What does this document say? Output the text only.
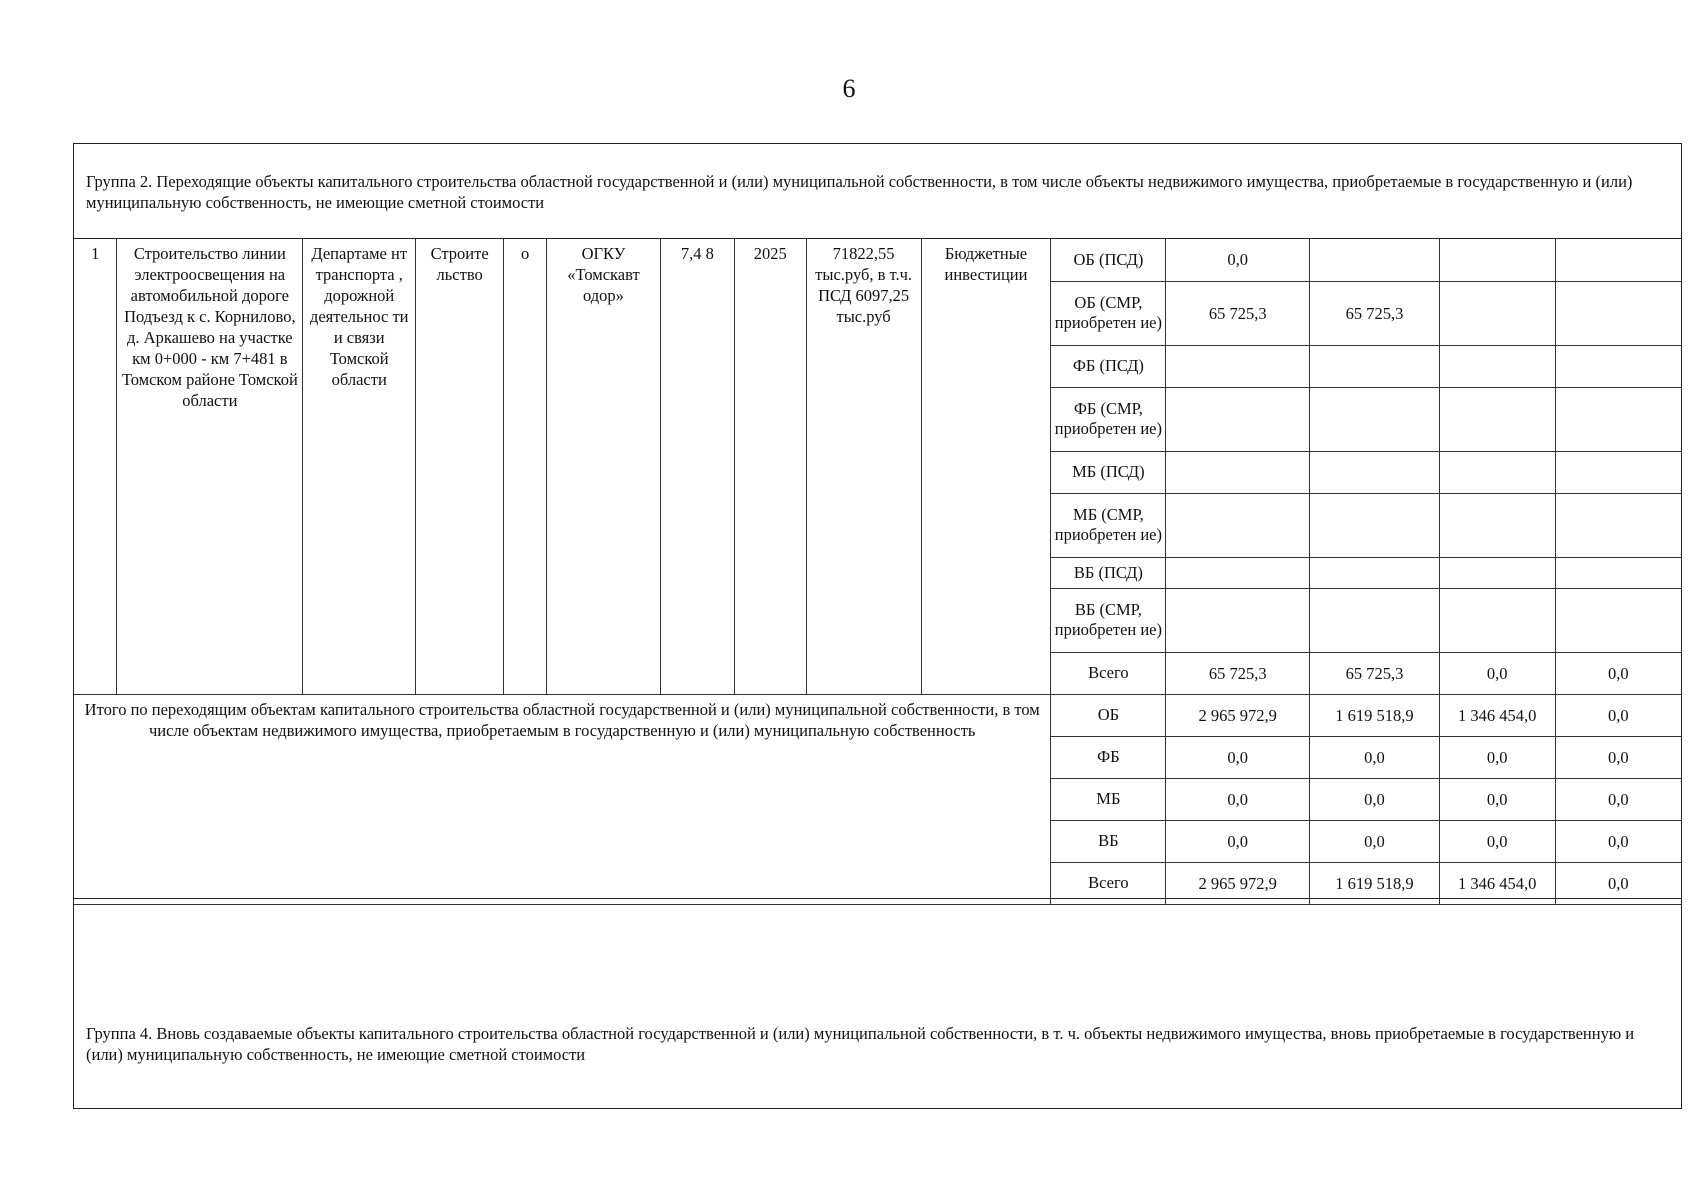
6
Группа 2. Переходящие объекты капитального строительства областной государственной и (или) муниципальной собственности, в том числе объекты недвижимого имущества, приобретаемые в государственную и (или) муниципальную собственность, не имеющие сметной стоимости
1	Строительство линии электроосвещения на автомобильной дороге Подъезд к с. Корнилово, д. Аркашево на участке км 0+000 - км 7+481 в Томском районе Томской области	Департаме нт транспорта , дорожной деятельнос ти и связи Томской области	Строите льство	о	ОГКУ «Томскавт одор»	7,4 8	2025	71822,55 тыс.руб, в т.ч. ПСД 6097,25 тыс.руб	Бюджетные инвестиции	ОБ (ПСД)	0,0			
										ОБ (СМР, приобретен ие)	65 725,3	65 725,3		
										ФБ (ПСД)				
										ФБ (СМР, приобретен ие)				
										МБ (ПСД)				
										МБ (СМР, приобретен ие)				
										ВБ (ПСД)				
										ВБ (СМР, приобретен ие)				
										Всего	65 725,3	65 725,3	0,0	0,0
Итого по переходящим объектам капитального строительства областной государственной и (или) муниципальной собственности, в том числе объектам недвижимого имущества, приобретаемым в государственную и (или) муниципальную собственность										ОБ	2 965 972,9	1 619 518,9	1 346 454,0	0,0
										ФБ	0,0	0,0	0,0	0,0
										МБ	0,0	0,0	0,0	0,0
										ВБ	0,0	0,0	0,0	0,0
										Всего	2 965 972,9	1 619 518,9	1 346 454,0	0,0
Группа 4. Вновь создаваемые объекты капитального строительства областной государственной и (или) муниципальной собственности, в т. ч. объекты недвижимого имущества, вновь приобретаемые в государственную и (или) муниципальную собственность, не имеющие сметной стоимости
